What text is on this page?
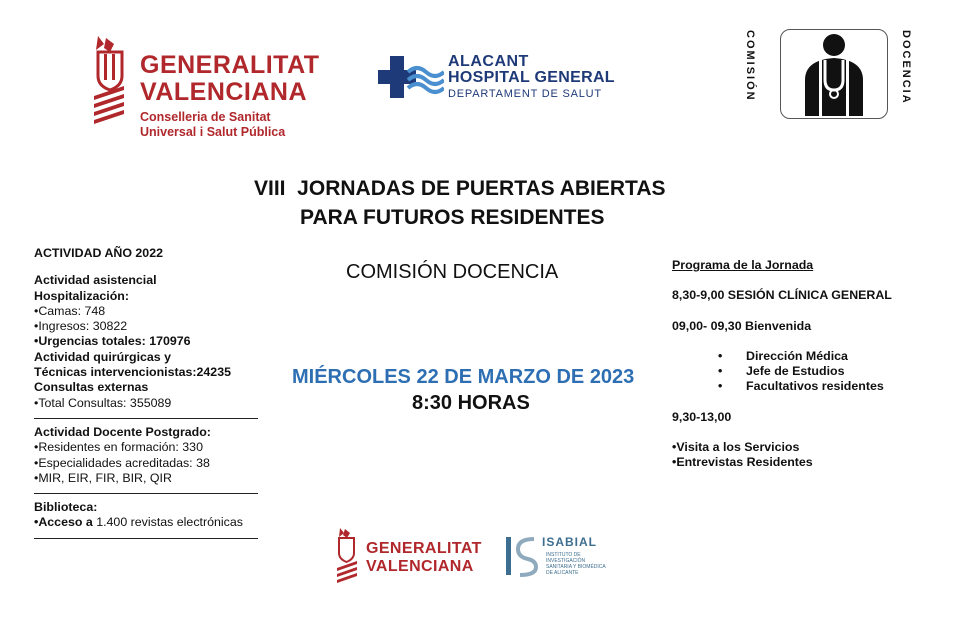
GENERALITAT
VALENCIANA
Conselleria de Sanitat
Universal i Salut Pública
ALACANT
HOSPITAL GENERAL
DEPARTAMENT DE SALUT	COMISIÓN	DOCENCIA
VIII  JORNADAS DE PUERTAS ABIERTAS
PARA FUTUROS RESIDENTES
COMISIÓN DOCENCIA
MIÉRCOLES 22 DE MARZO DE 2023
8:30 HORAS
ACTIVIDAD AÑO 2022
Actividad asistencial
Hospitalización:
•Camas: 748
•Ingresos: 30822
•Urgencias totales: 170976
Actividad quirúrgicas y
Técnicas intervencionistas:24235
Consultas externas
•Total Consultas: 355089
Actividad Docente Postgrado:
•Residentes en formación: 330
•Especialidades acreditadas: 38
•MIR, EIR, FIR, BIR, QIR
Biblioteca:
•Acceso a 1.400 revistas electrónicas
Programa de la Jornada
8,30-9,00 SESIÓN CLÍNICA GENERAL
09,00- 09,30 Bienvenida
• Dirección Médica
• Jefe de Estudios
• Facultativos residentes
9,30-13,00
•Visita a los Servicios
•Entrevistas Residentes
GENERALITAT
VALENCIANA
ISABIAL
INSTITUTO DE INVESTIGACIÓN SANITARIA Y BIOMÉDICA DE ALICANTE
